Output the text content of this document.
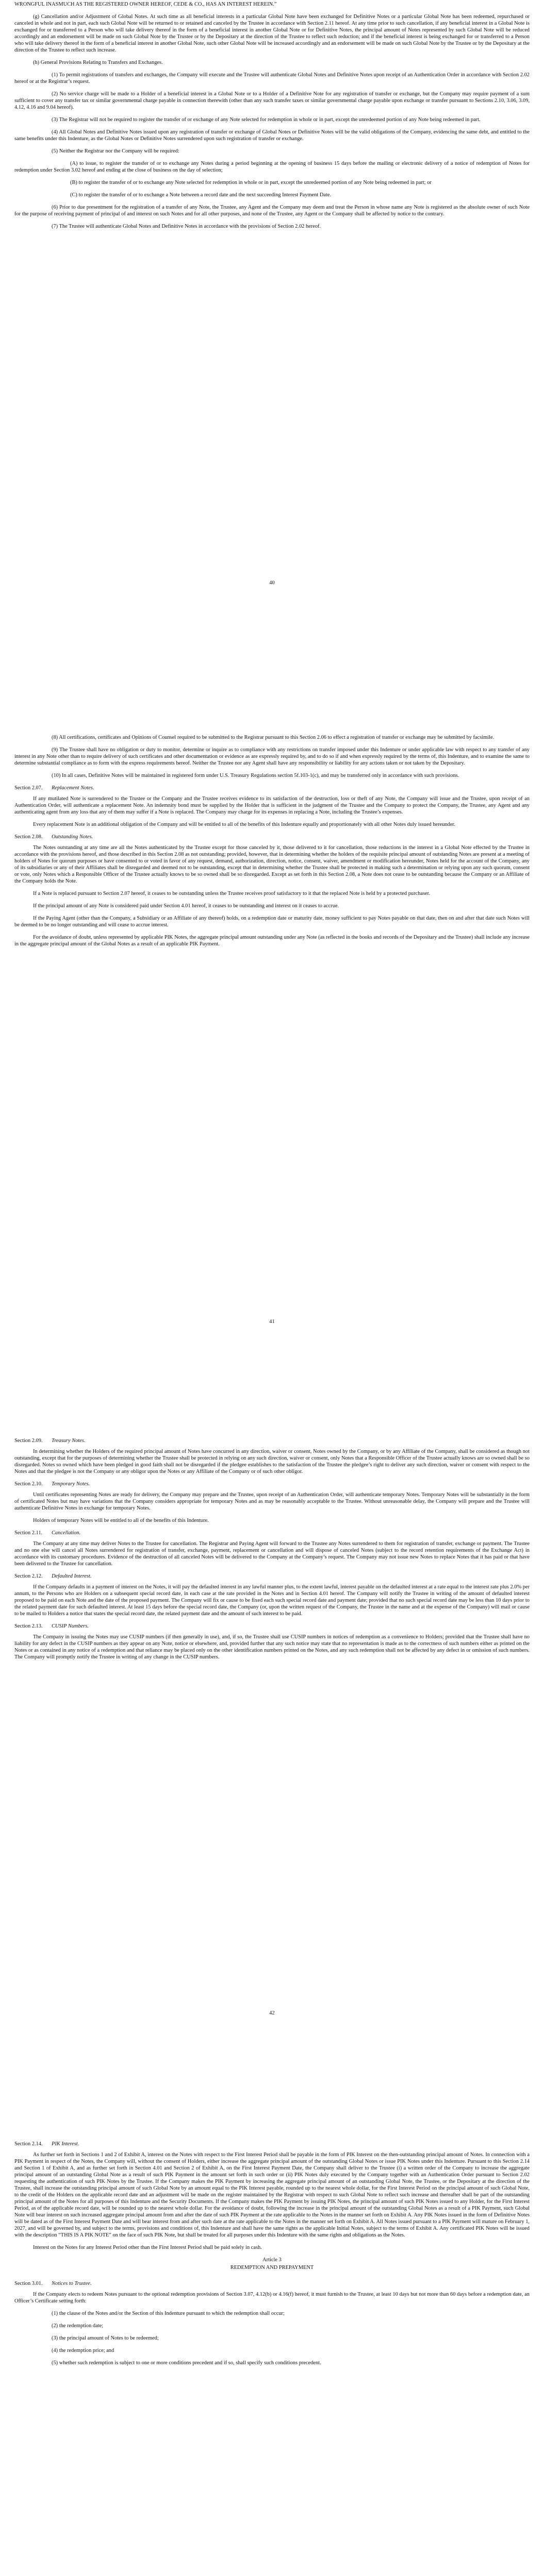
WRONGFUL INASMUCH AS THE REGISTERED OWNER HEREOF, CEDE & CO., HAS AN INTEREST HEREIN.”

(g) Cancellation and/or Adjustment of Global Notes. At such time as all beneficial interests in a particular Global Note have been exchanged for Definitive Notes or a particular Global Note has been redeemed, repurchased or canceled in whole and not in part, each such Global Note will be returned to or retained and canceled by the Trustee in accordance with Section 2.11 hereof. At any time prior to such cancellation, if any beneficial interest in a Global Note is exchanged for or transferred to a Person who will take delivery thereof in the form of a beneficial interest in another Global Note or for Definitive Notes, the principal amount of Notes represented by such Global Note will be reduced accordingly and an endorsement will be made on such Global Note by the Trustee or by the Depositary at the direction of the Trustee to reflect such reduction; and if the beneficial interest is being exchanged for or transferred to a Person who will take delivery thereof in the form of a beneficial interest in another Global Note, such other Global Note will be increased accordingly and an endorsement will be made on such Global Note by the Trustee or by the Depositary at the direction of the Trustee to reflect such increase.

(h) General Provisions Relating to Transfers and Exchanges.

(1) To permit registrations of transfers and exchanges, the Company will execute and the Trustee will authenticate Global Notes and Definitive Notes upon receipt of an Authentication Order in accordance with Section 2.02 hereof or at the Registrar’s request.

(2) No service charge will be made to a Holder of a beneficial interest in a Global Note or to a Holder of a Definitive Note for any registration of transfer or exchange, but the Company may require payment of a sum sufficient to cover any transfer tax or similar governmental charge payable in connection therewith (other than any such transfer taxes or similar governmental charge payable upon exchange or transfer pursuant to Sections 2.10, 3.06, 3.09, 4.12, 4.16 and 9.04 hereof).

(3) The Registrar will not be required to register the transfer of or exchange of any Note selected for redemption in whole or in part, except the unredeemed portion of any Note being redeemed in part.

(4) All Global Notes and Definitive Notes issued upon any registration of transfer or exchange of Global Notes or Definitive Notes will be the valid obligations of the Company, evidencing the same debt, and entitled to the same benefits under this Indenture, as the Global Notes or Definitive Notes surrendered upon such registration of transfer or exchange.

(5) Neither the Registrar nor the Company will be required:

(A) to issue, to register the transfer of or to exchange any Notes during a period beginning at the opening of business 15 days before the mailing or electronic delivery of a notice of redemption of Notes for redemption under Section 3.02 hereof and ending at the close of business on the day of selection;

(B) to register the transfer of or to exchange any Note selected for redemption in whole or in part, except the unredeemed portion of any Note being redeemed in part; or

(C) to register the transfer of or to exchange a Note between a record date and the next succeeding Interest Payment Date.

(6) Prior to due presentment for the registration of a transfer of any Note, the Trustee, any Agent and the Company may deem and treat the Person in whose name any Note is registered as the absolute owner of such Note for the purpose of receiving payment of principal of and interest on such Notes and for all other purposes, and none of the Trustee, any Agent or the Company shall be affected by notice to the contrary.

(7) The Trustee will authenticate Global Notes and Definitive Notes in accordance with the provisions of Section 2.02 hereof.

40

(8) All certifications, certificates and Opinions of Counsel required to be submitted to the Registrar pursuant to this Section 2.06 to effect a registration of transfer or exchange may be submitted by facsimile.

(9) The Trustee shall have no obligation or duty to monitor, determine or inquire as to compliance with any restrictions on transfer imposed under this Indenture or under applicable law with respect to any transfer of any interest in any Note other than to require delivery of such certificates and other documentation or evidence as are expressly required by, and to do so if and when expressly required by the terms of, this Indenture, and to examine the same to determine substantial compliance as to form with the express requirements hereof. Neither the Trustee nor any Agent shall have any responsibility or liability for any actions taken or not taken by the Depositary.

(10) In all cases, Definitive Notes will be maintained in registered form under U.S. Treasury Regulations section 5f.103-1(c), and may be transferred only in accordance with such provisions.

Section 2.07. Replacement Notes.

If any mutilated Note is surrendered to the Trustee or the Company and the Trustee receives evidence to its satisfaction of the destruction, loss or theft of any Note, the Company will issue and the Trustee, upon receipt of an Authentication Order, will authenticate a replacement Note. An indemnity bond must be supplied by the Holder that is sufficient in the judgment of the Trustee and the Company to protect the Company, the Trustee, any Agent and any authenticating agent from any loss that any of them may suffer if a Note is replaced. The Company may charge for its expenses in replacing a Note, including the Trustee’s expenses.

Every replacement Note is an additional obligation of the Company and will be entitled to all of the benefits of this Indenture equally and proportionately with all other Notes duly issued hereunder.

Section 2.08. Outstanding Notes.

The Notes outstanding at any time are all the Notes authenticated by the Trustee except for those canceled by it, those delivered to it for cancellation, those reductions in the interest in a Global Note effected by the Trustee in accordance with the provisions hereof, and those described in this Section 2.08 as not outstanding; provided, however, that in determining whether the holders of the requisite principal amount of outstanding Notes are present at a meeting of holders of Notes for quorum purposes or have consented to or voted in favor of any request, demand, authorization, direction, notice, consent, waiver, amendment or modification hereunder, Notes held for the account of the Company, any of its subsidiaries or any of their Affiliates shall be disregarded and deemed not to be outstanding, except that in determining whether the Trustee shall be protected in making such a determination or relying upon any such quorum, consent or vote, only Notes which a Responsible Officer of the Trustee actually knows to be so owned shall be so disregarded. Except as set forth in this Section 2.08, a Note does not cease to be outstanding because the Company or an Affiliate of the Company holds the Note.

If a Note is replaced pursuant to Section 2.07 hereof, it ceases to be outstanding unless the Trustee receives proof satisfactory to it that the replaced Note is held by a protected purchaser.

If the principal amount of any Note is considered paid under Section 4.01 hereof, it ceases to be outstanding and interest on it ceases to accrue.

If the Paying Agent (other than the Company, a Subsidiary or an Affiliate of any thereof) holds, on a redemption date or maturity date, money sufficient to pay Notes payable on that date, then on and after that date such Notes will be deemed to be no longer outstanding and will cease to accrue interest.

For the avoidance of doubt, unless represented by applicable PIK Notes, the aggregate principal amount outstanding under any Note (as reflected in the books and records of the Depositary and the Trustee) shall include any increase in the aggregate principal amount of the Global Notes as a result of an applicable PIK Payment.

41
Section 2.09. Treasury Notes.

In determining whether the Holders of the required principal amount of Notes have concurred in any direction, waiver or consent, Notes owned by the Company, or by any Affiliate of the Company, shall be considered as though not outstanding, except that for the purposes of determining whether the Trustee shall be protected in relying on any such direction, waiver or consent, only Notes that a Responsible Officer of the Trustee actually knows are so owned shall be so disregarded. Notes so owned which have been pledged in good faith shall not be disregarded if the pledgee establishes to the satisfaction of the Trustee the pledgee’s right to deliver any such direction, waiver or consent with respect to the Notes and that the pledgee is not the Company or any obligor upon the Notes or any Affiliate of the Company or of such other obligor.

Section 2.10. Temporary Notes.

Until certificates representing Notes are ready for delivery, the Company may prepare and the Trustee, upon receipt of an Authentication Order, will authenticate temporary Notes. Temporary Notes will be substantially in the form of certificated Notes but may have variations that the Company considers appropriate for temporary Notes and as may be reasonably acceptable to the Trustee. Without unreasonable delay, the Company will prepare and the Trustee will authenticate Definitive Notes in exchange for temporary Notes.

Holders of temporary Notes will be entitled to all of the benefits of this Indenture.

Section 2.11. Cancellation.

The Company at any time may deliver Notes to the Trustee for cancellation. The Registrar and Paying Agent will forward to the Trustee any Notes surrendered to them for registration of transfer, exchange or payment. The Trustee and no one else will cancel all Notes surrendered for registration of transfer, exchange, payment, replacement or cancellation and will dispose of canceled Notes (subject to the record retention requirements of the Exchange Act) in accordance with its customary procedures. Evidence of the destruction of all canceled Notes will be delivered to the Company at the Company’s request. The Company may not issue new Notes to replace Notes that it has paid or that have been delivered to the Trustee for cancellation.

Section 2.12. Defaulted Interest.

If the Company defaults in a payment of interest on the Notes, it will pay the defaulted interest in any lawful manner plus, to the extent lawful, interest payable on the defaulted interest at a rate equal to the interest rate plus 2.0% per annum, to the Persons who are Holders on a subsequent special record date, in each case at the rate provided in the Notes and in Section 4.01 hereof. The Company will notify the Trustee in writing of the amount of defaulted interest proposed to be paid on each Note and the date of the proposed payment. The Company will fix or cause to be fixed each such special record date and payment date; provided that no such special record date may be less than 10 days prior to the related payment date for such defaulted interest. At least 15 days before the special record date, the Company (or, upon the written request of the Company, the Trustee in the name and at the expense of the Company) will mail or cause to be mailed to Holders a notice that states the special record date, the related payment date and the amount of such interest to be paid.

Section 2.13. CUSIP Numbers.

The Company in issuing the Notes may use CUSIP numbers (if then generally in use), and, if so, the Trustee shall use CUSIP numbers in notices of redemption as a convenience to Holders; provided that the Trustee shall have no liability for any defect in the CUSIP numbers as they appear on any Note, notice or elsewhere, and, provided further that any such notice may state that no representation is made as to the correctness of such numbers either as printed on the Notes or as contained in any notice of a redemption and that reliance may be placed only on the other identification numbers printed on the Notes, and any such redemption shall not be affected by any defect in or omission of such numbers. The Company will promptly notify the Trustee in writing of any change in the CUSIP numbers.

42
Section 2.14. PIK Interest.

As further set forth in Sections 1 and 2 of Exhibit A, interest on the Notes with respect to the First Interest Period shall be payable in the form of PIK Interest on the then-outstanding principal amount of Notes. In connection with a PIK Payment in respect of the Notes, the Company will, without the consent of Holders, either increase the aggregate principal amount of the outstanding Global Notes or issue PIK Notes under this Indenture. Pursuant to this Section 2.14 and Section 1 of Exhibit A, and as further set forth in Section 4.01 and Section 2 of Exhibit A, on the First Interest Payment Date, the Company shall deliver to the Trustee (i) a written order of the Company to increase the aggregate principal amount of an outstanding Global Note as a result of such PIK Payment in the amount set forth in such order or (ii) PIK Notes duly executed by the Company together with an Authentication Order pursuant to Section 2.02 requesting the authentication of such PIK Notes by the Trustee. If the Company makes the PIK Payment by increasing the aggregate principal amount of an outstanding Global Note, the Trustee, or the Depositary at the direction of the Trustee, shall increase the outstanding principal amount of such Global Note by an amount equal to the PIK Interest payable, rounded up to the nearest whole dollar, for the First Interest Period on the principal amount of such Global Note, to the credit of the Holders on the applicable record date and an adjustment will be made on the register maintained by the Registrar with respect to such Global Note to reflect such increase and thereafter shall be part of the outstanding principal amount of the Notes for all purposes of this Indenture and the Security Documents. If the Company makes the PIK Payment by issuing PIK Notes, the principal amount of such PIK Notes issued to any Holder, for the First Interest Period, as of the applicable record date, will be rounded up to the nearest whole dollar. For the avoidance of doubt, following the increase in the principal amount of the outstanding Global Notes as a result of a PIK Payment, such Global Note will bear interest on such increased aggregate principal amount from and after the date of such PIK Payment at the rate applicable to the Notes in the manner set forth on Exhibit A. Any PIK Notes issued in the form of Definitive Notes will be dated as of the First Interest Payment Date and will bear interest from and after such date at the rate applicable to the Notes in the manner set forth on Exhibit A. All Notes issued pursuant to a PIK Payment will mature on February 1, 2027, and will be governed by, and subject to the terms, provisions and conditions of, this Indenture and shall have the same rights as the applicable Initial Notes, subject to the terms of Exhibit A. Any certificated PIK Notes will be issued with the description “THIS IS A PIK NOTE” on the face of such PIK Note, but shall be treated for all purposes under this Indenture with the same rights and obligations as the Notes.

Interest on the Notes for any Interest Period other than the First Interest Period shall be paid solely in cash.

Article 3

REDEMPTION AND PREPAYMENT

Section 3.01. Notices to Trustee.

If the Company elects to redeem Notes pursuant to the optional redemption provisions of Section 3.07, 4.12(b) or 4.16(f) hereof, it must furnish to the Trustee, at least 10 days but not more than 60 days before a redemption date, an Officer’s Certificate setting forth:

(1) the clause of the Notes and/or the Section of this Indenture pursuant to which the redemption shall occur;

(2) the redemption date;

(3) the principal amount of Notes to be redeemed;

(4) the redemption price; and

(5) whether such redemption is subject to one or more conditions precedent and if so, shall specify such conditions precedent.
